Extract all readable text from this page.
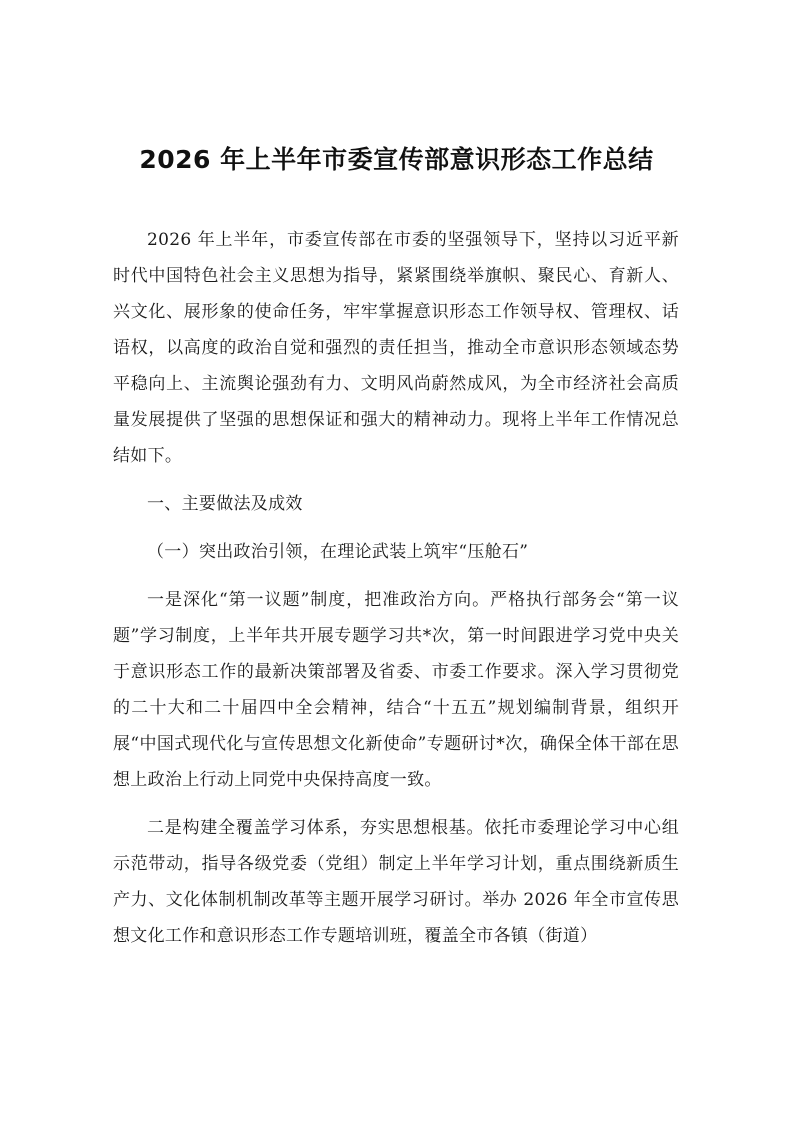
2026 年上半年市委宣传部意识形态工作总结

2026 年上半年，市委宣传部在市委的坚强领导下，坚持以习近平新时代中国特色社会主义思想为指导，紧紧围绕举旗帜、聚民心、育新人、兴文化、展形象的使命任务，牢牢掌握意识形态工作领导权、管理权、话语权，以高度的政治自觉和强烈的责任担当，推动全市意识形态领域态势平稳向上、主流舆论强劲有力、文明风尚蔚然成风，为全市经济社会高质量发展提供了坚强的思想保证和强大的精神动力。现将上半年工作情况总结如下。

一、主要做法及成效

（一）突出政治引领，在理论武装上筑牢“压舱石”

一是深化“第一议题”制度，把准政治方向。严格执行部务会“第一议题”学习制度，上半年共开展专题学习共*次，第一时间跟进学习党中央关于意识形态工作的最新决策部署及省委、市委工作要求。深入学习贯彻党的二十大和二十届四中全会精神，结合“十五五”规划编制背景，组织开展“中国式现代化与宣传思想文化新使命”专题研讨*次，确保全体干部在思想上政治上行动上同党中央保持高度一致。

二是构建全覆盖学习体系，夯实思想根基。依托市委理论学习中心组示范带动，指导各级党委（党组）制定上半年学习计划，重点围绕新质生产力、文化体制机制改革等主题开展学习研讨。举办 2026 年全市宣传思想文化工作和意识形态工作专题培训班，覆盖全市各镇（街道）
